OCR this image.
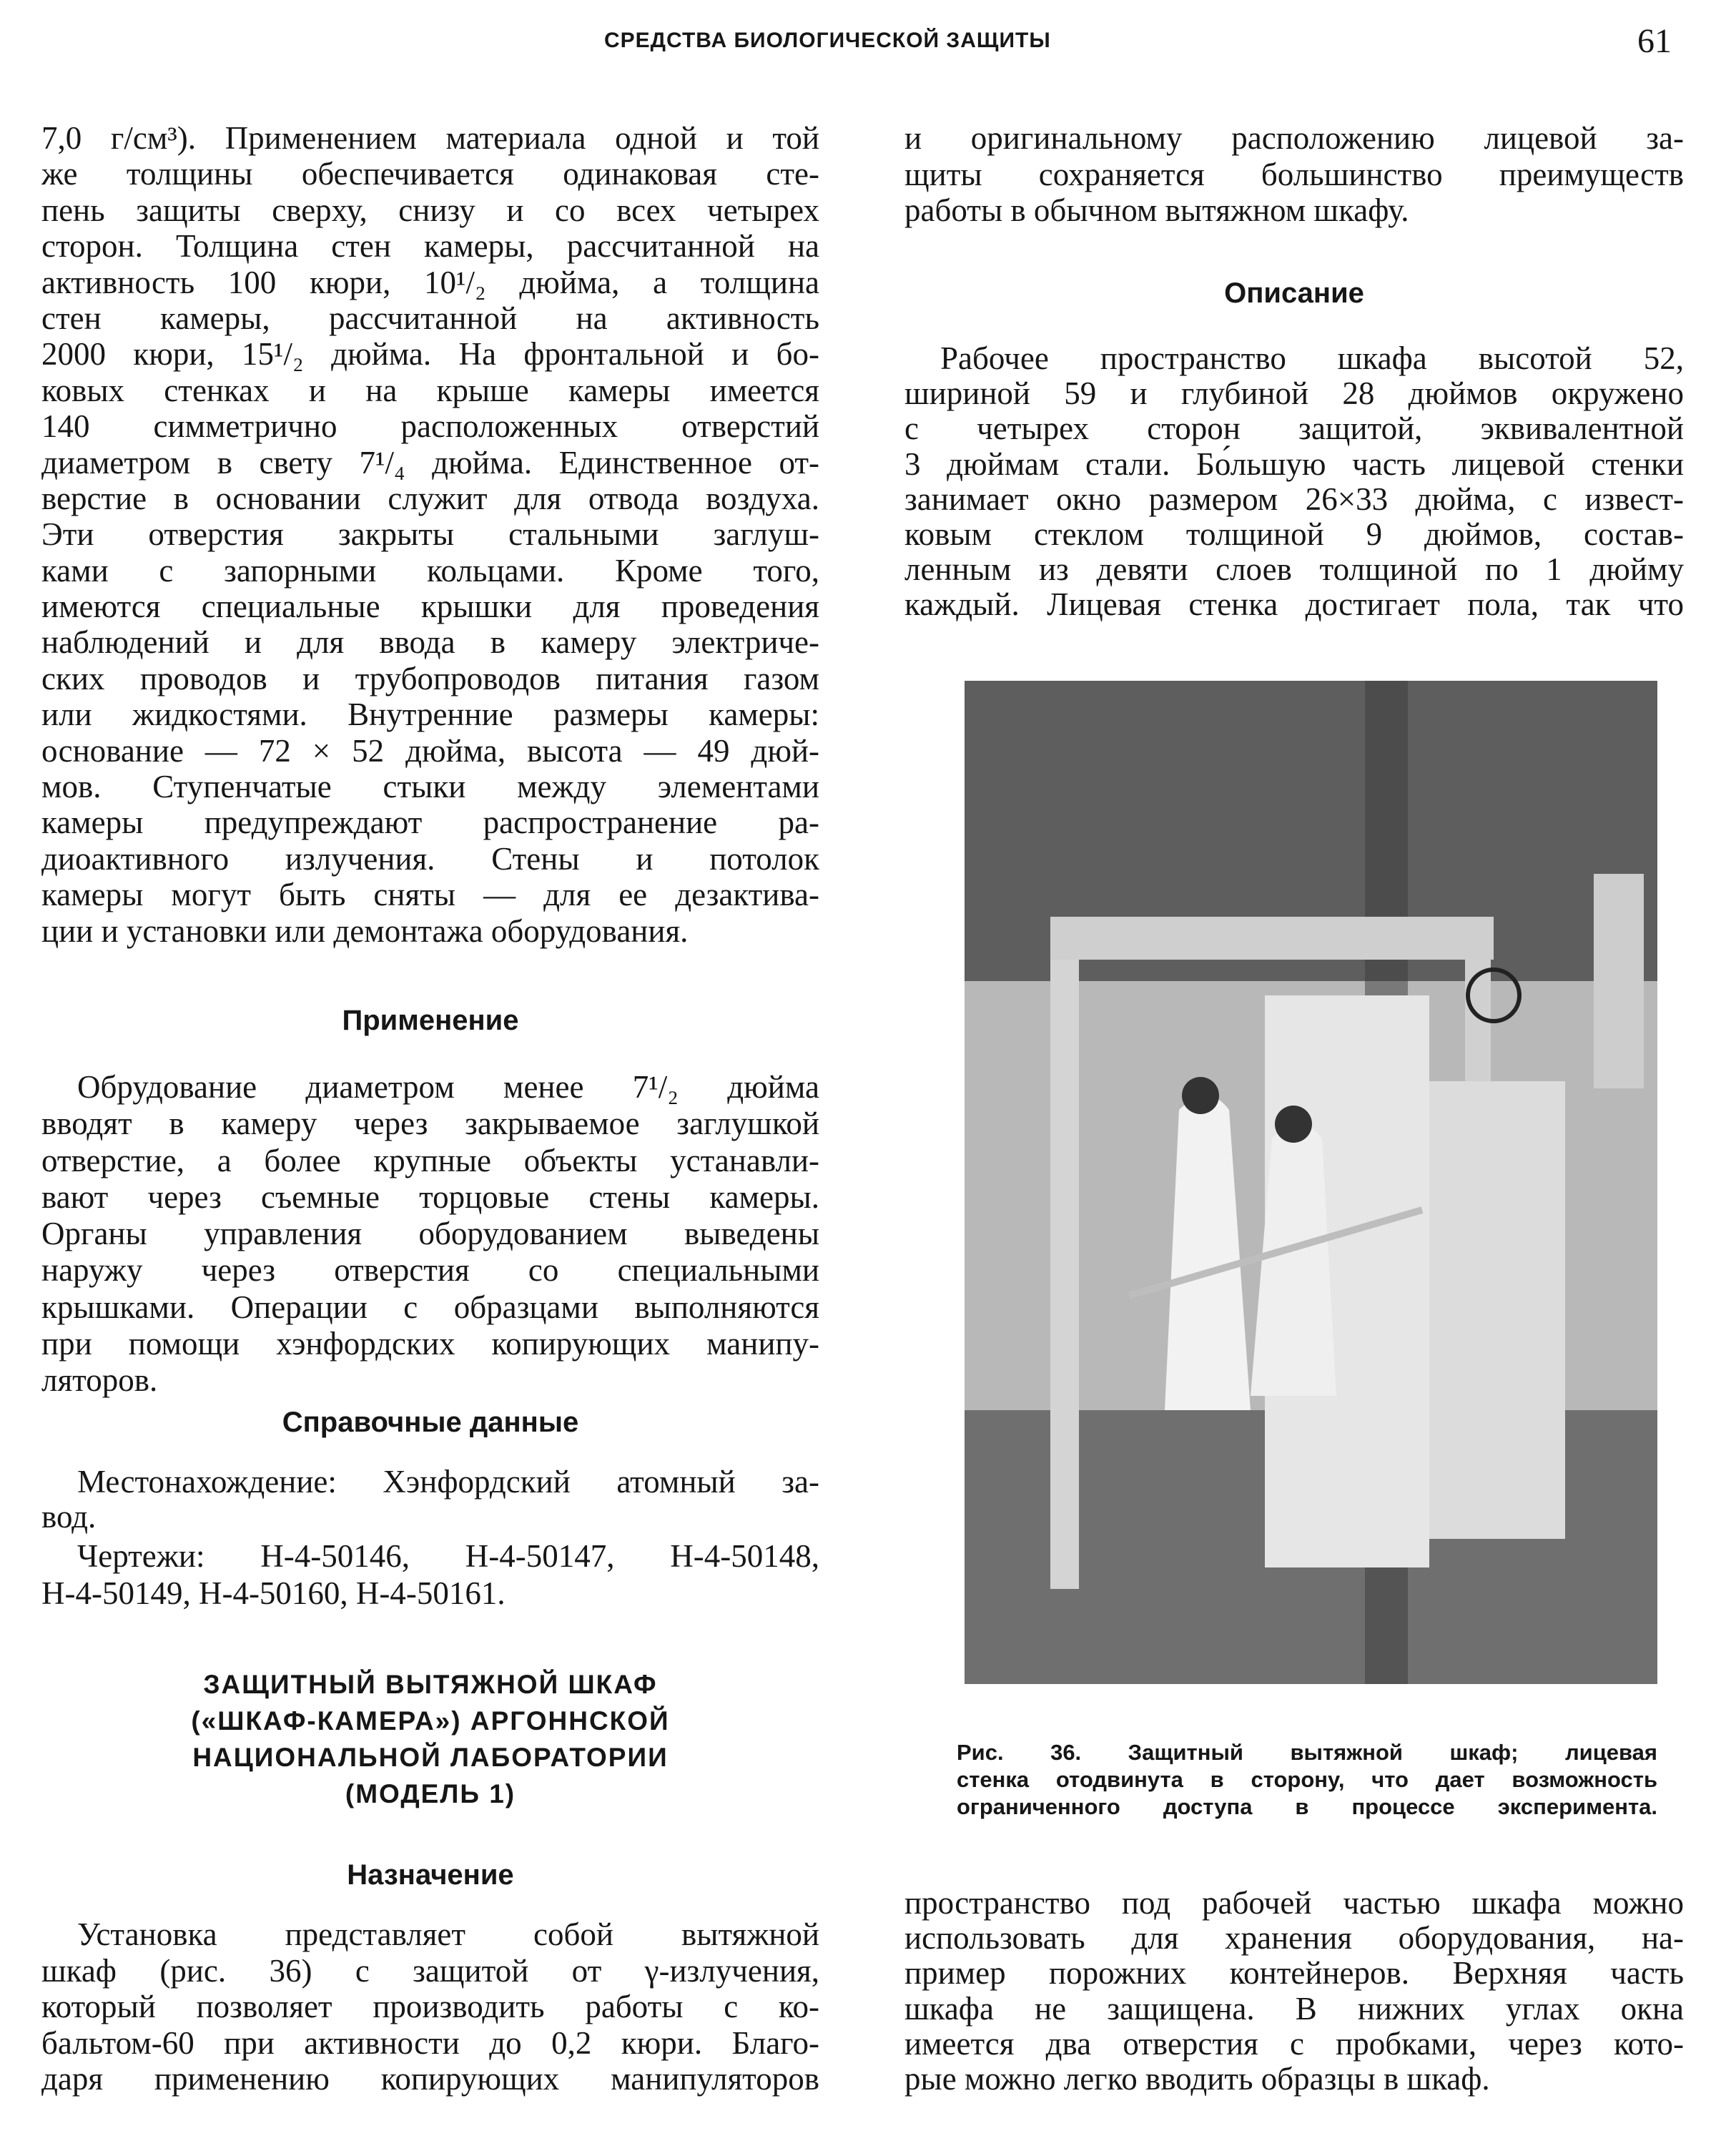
СРЕДСТВА БИОЛОГИЧЕСКОЙ ЗАЩИТЫ	61
7,0 г/см³). Применением материала одной и той
же толщины обеспечивается одинаковая сте-
пень защиты сверху, снизу и со всех четырех
сторон. Толщина стен камеры, рассчитанной на
активность 100 кюри, 10¹/₂ дюйма, а толщина
стен камеры, рассчитанной на активность
2000 кюри, 15¹/₂ дюйма. На фронтальной и бо-
ковых стенках и на крыше камеры имеется
140 симметрично расположенных отверстий
диаметром в свету 7¹/₄ дюйма. Единственное от-
верстие в основании служит для отвода воздуха.
Эти отверстия закрыты стальными заглуш-
ками с запорными кольцами. Кроме того,
имеются специальные крышки для проведения
наблюдений и для ввода в камеру электриче-
ских проводов и трубопроводов питания газом
или жидкостями. Внутренние размеры камеры:
основание — 72 × 52 дюйма, высота — 49 дюй-
мов. Ступенчатые стыки между элементами
камеры предупреждают распространение ра-
диоактивного излучения. Стены и потолок
камеры могут быть сняты — для ее дезактива-
ции и установки или демонтажа оборудования.
Применение
Обрудование диаметром менее 7¹/₂ дюйма
вводят в камеру через закрываемое заглушкой
отверстие, а более крупные объекты устанавли-
вают через съемные торцовые стены камеры.
Органы управления оборудованием выведены
наружу через отверстия со специальными
крышками. Операции с образцами выполняются
при помощи хэнфордских копирующих манипу-
ляторов.
Справочные данные
Местонахождение: Хэнфордский атомный за-
вод.
Чертежи: Н-4-50146, Н-4-50147, Н-4-50148,
Н-4-50149, Н-4-50160, Н-4-50161.
ЗАЩИТНЫЙ ВЫТЯЖНОЙ ШКАФ
(«ШКАФ-КАМЕРА») АРГОННСКОЙ
НАЦИОНАЛЬНОЙ ЛАБОРАТОРИИ
(МОДЕЛЬ 1)
Назначение
Установка представляет собой вытяжной
шкаф (рис. 36) с защитой от γ-излучения,
который позволяет производить работы с ко-
бальтом-60 при активности до 0,2 кюри. Благо-
даря применению копирующих манипуляторов
и оригинальному расположению лицевой за-
щиты сохраняется большинство преимуществ
работы в обычном вытяжном шкафу.
Описание
Рабочее пространство шкафа высотой 52,
шириной 59 и глубиной 28 дюймов окружено
с четырех сторон защитой, эквивалентной
3 дюймам стали. Бо́льшую часть лицевой стенки
занимает окно размером 26×33 дюйма, с извест-
ковым стеклом толщиной 9 дюймов, состав-
ленным из девяти слоев толщиной по 1 дюйму
каждый. Лицевая стенка достигает пола, так что
Рис. 36. Защитный вытяжной шкаф; лицевая
стенка отодвинута в сторону, что дает возможность
ограниченного доступа в процессе эксперимента.
пространство под рабочей частью шкафа можно
использовать для хранения оборудования, на-
пример порожних контейнеров. Верхняя часть
шкафа не защищена. В нижних углах окна
имеется два отверстия с пробками, через кото-
рые можно легко вводить образцы в шкаф.
